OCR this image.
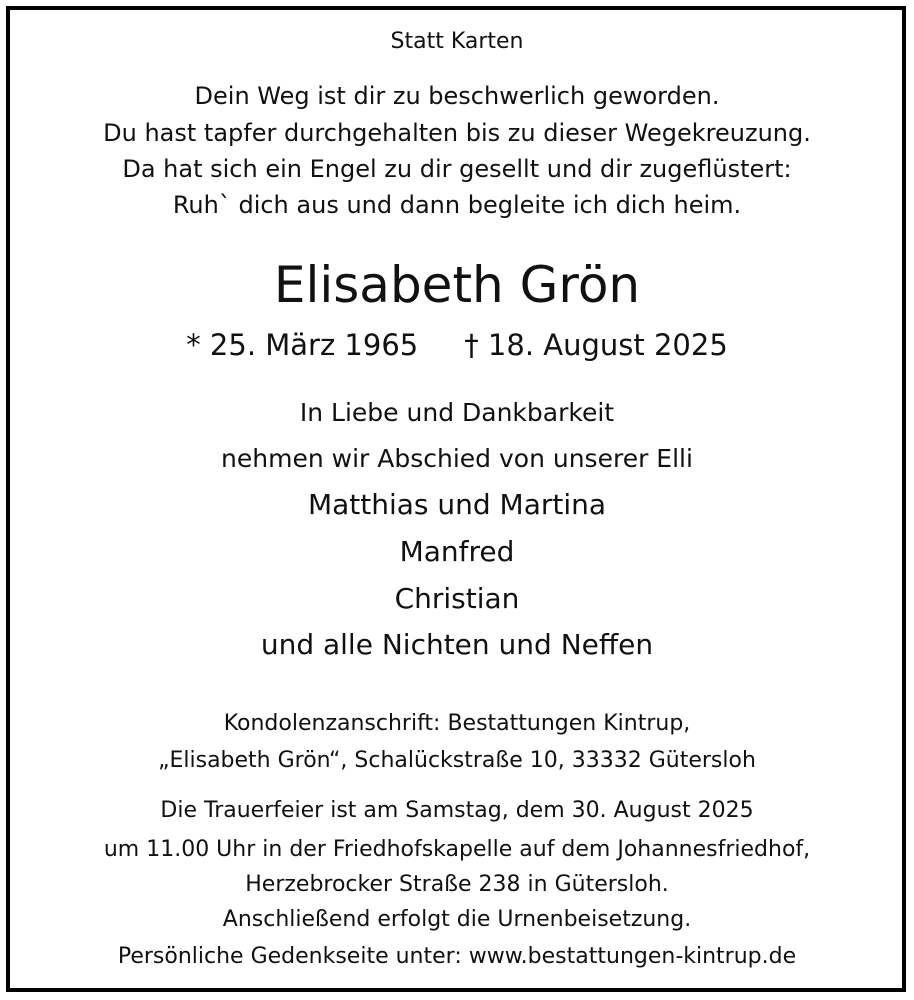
Statt Karten
Dein Weg ist dir zu beschwerlich geworden.
Du hast tapfer durchgehalten bis zu dieser Wegekreuzung.
Da hat sich ein Engel zu dir gesellt und dir zugeflüstert:
Ruh` dich aus und dann begleite ich dich heim.
Elisabeth Grön
* 25. März 1965 † 18. August 2025
In Liebe und Dankbarkeit
nehmen wir Abschied von unserer Elli
Matthias und Martina
Manfred
Christian
und alle Nichten und Neffen
Kondolenzanschrift: Bestattungen Kintrup,
„Elisabeth Grön“, Schalückstraße 10, 33332 Gütersloh
Die Trauerfeier ist am Samstag, dem 30. August 2025
um 11.00 Uhr in der Friedhofskapelle auf dem Johannesfriedhof,
Herzebrocker Straße 238 in Gütersloh.
Anschließend erfolgt die Urnenbeisetzung.
Persönliche Gedenkseite unter: www.bestattungen-kintrup.de
